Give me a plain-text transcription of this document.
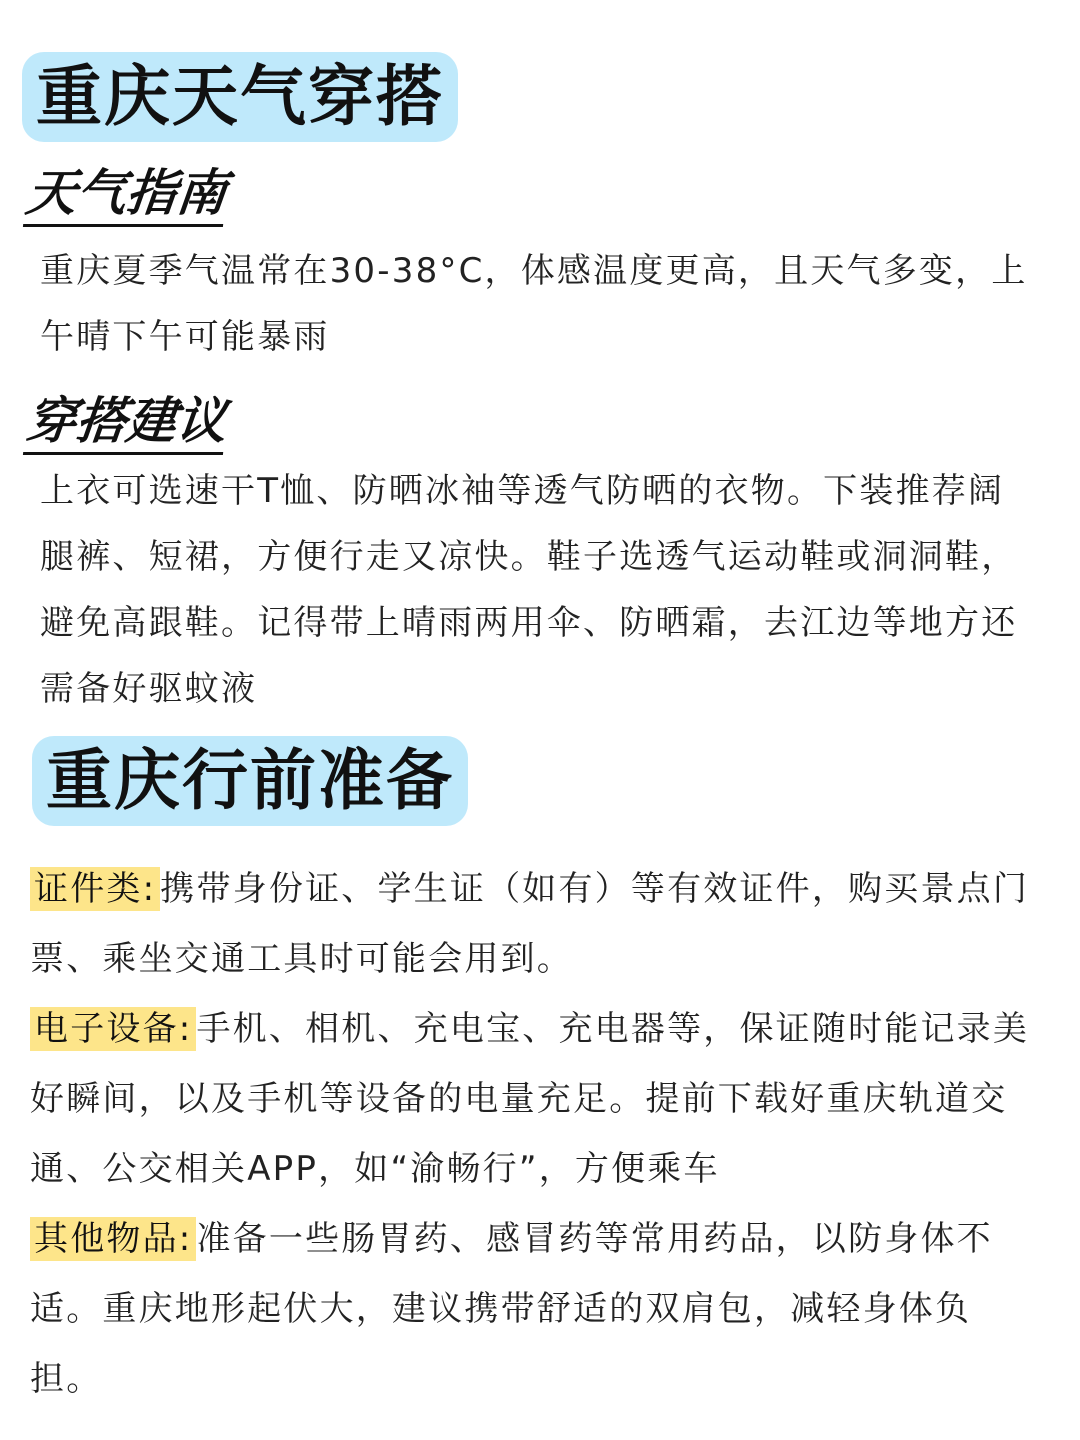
重庆天气穿搭
天气指南

重庆夏季气温常在30-38°C，体感温度更高，且天气多变，上午晴下午可能暴雨

穿搭建议

上衣可选速干T恤、防晒冰袖等透气防晒的衣物。下装推荐阔腿裤、短裙，方便行走又凉快。鞋子选透气运动鞋或洞洞鞋，避免高跟鞋。记得带上晴雨两用伞、防晒霜，去江边等地方还需备好驱蚊液

重庆行前准备

证件类: 携带身份证、学生证（如有）等有效证件，购买景点门票、乘坐交通工具时可能会用到。

电子设备: 手机、相机、充电宝、充电器等，保证随时能记录美好瞬间，以及手机等设备的电量充足。提前下载好重庆轨道交通、公交相关APP，如“渝畅行”，方便乘车

其他物品: 准备一些肠胃药、感冒药等常用药品，以防身体不适。重庆地形起伏大，建议携带舒适的双肩包，减轻身体负担。
